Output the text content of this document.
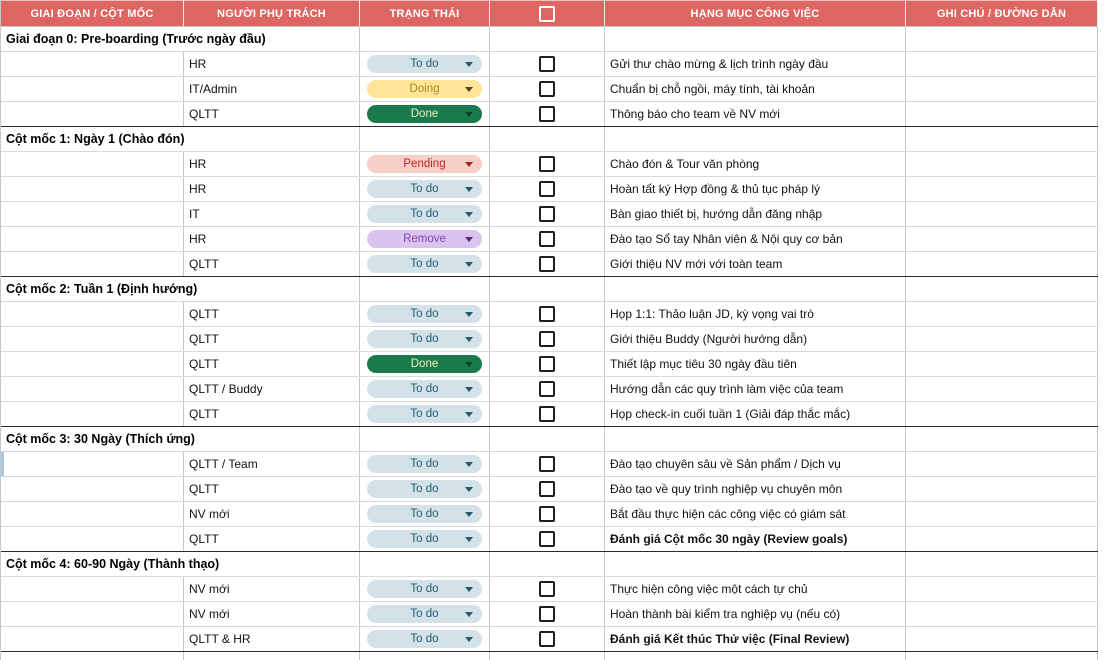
GIAI ĐOẠN / CỘT MỐC	NGƯỜI PHỤ TRÁCH	TRẠNG THÁI	HẠNG MỤC CÔNG VIỆC	GHI CHÚ / ĐƯỜNG DẪN
Giai đoạn 0: Pre-boarding (Trước ngày đầu)
HR	To do	Gửi thư chào mừng & lịch trình ngày đầu
IT/Admin	Doing	Chuẩn bị chỗ ngồi, máy tính, tài khoản
QLTT	Done	Thông báo cho team về NV mới
Cột mốc 1: Ngày 1 (Chào đón)
HR	Pending	Chào đón & Tour văn phòng
HR	To do	Hoàn tất ký Hợp đồng & thủ tục pháp lý
IT	To do	Bàn giao thiết bị, hướng dẫn đăng nhập
HR	Remove	Đào tạo Sổ tay Nhân viên & Nội quy cơ bản
QLTT	To do	Giới thiệu NV mới với toàn team
Cột mốc 2: Tuần 1 (Định hướng)
QLTT	To do	Họp 1:1: Thảo luận JD, kỳ vọng vai trò
QLTT	To do	Giới thiệu Buddy (Người hướng dẫn)
QLTT	Done	Thiết lập mục tiêu 30 ngày đầu tiên
QLTT / Buddy	To do	Hướng dẫn các quy trình làm việc của team
QLTT	To do	Họp check-in cuối tuần 1 (Giải đáp thắc mắc)
Cột mốc 3: 30 Ngày (Thích ứng)
QLTT / Team	To do	Đào tạo chuyên sâu về Sản phẩm / Dịch vụ
QLTT	To do	Đào tạo về quy trình nghiệp vụ chuyên môn
NV mới	To do	Bắt đầu thực hiện các công việc có giám sát
QLTT	To do	Đánh giá Cột mốc 30 ngày (Review goals)
Cột mốc 4: 60-90 Ngày (Thành thạo)
NV mới	To do	Thực hiện công việc một cách tự chủ
NV mới	To do	Hoàn thành bài kiểm tra nghiệp vụ (nếu có)
QLTT & HR	To do	Đánh giá Kết thúc Thử việc (Final Review)
